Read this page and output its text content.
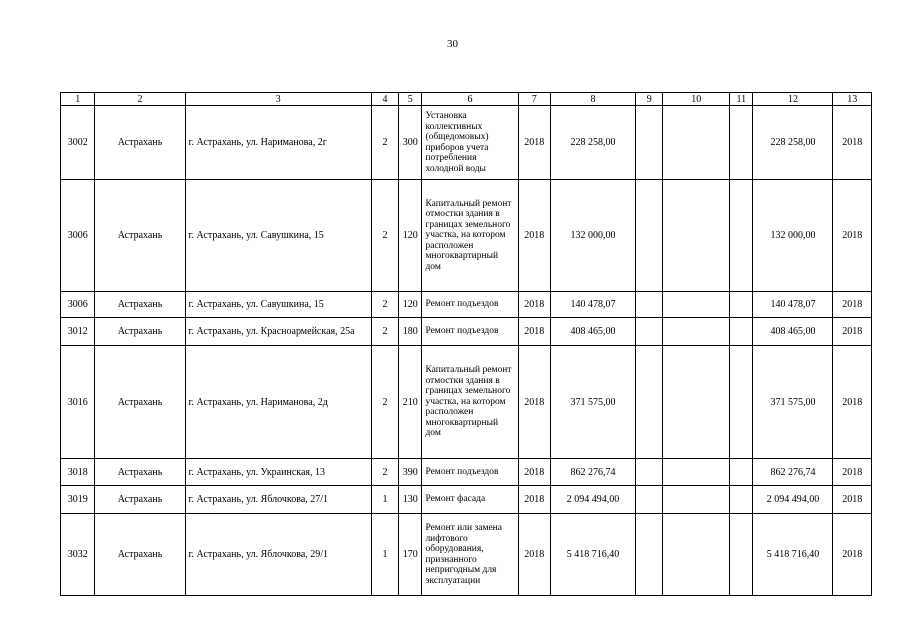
30
1	2	3	4	5	6	7	8	9	10	11	12	13
3002	Астрахань	г. Астрахань, ул. Нариманова, 2г	2	300	Установка коллективных (общедомовых) приборов учета потребления холодной воды	2018	228 258,00				228 258,00	2018
3006	Астрахань	г. Астрахань, ул. Савушкина, 15	2	120	Капитальный ремонт отмостки здания в границах земельного участка, на котором расположен многоквартирный дом	2018	132 000,00				132 000,00	2018
3006	Астрахань	г. Астрахань, ул. Савушкина, 15	2	120	Ремонт подъездов	2018	140 478,07				140 478,07	2018
3012	Астрахань	г. Астрахань, ул. Красноармейская, 25а	2	180	Ремонт подъездов	2018	408 465,00				408 465,00	2018
3016	Астрахань	г. Астрахань, ул. Нариманова, 2д	2	210	Капитальный ремонт отмостки здания в границах земельного участка, на котором расположен многоквартирный дом	2018	371 575,00				371 575,00	2018
3018	Астрахань	г. Астрахань, ул. Украинская, 13	2	390	Ремонт подъездов	2018	862 276,74				862 276,74	2018
3019	Астрахань	г. Астрахань, ул. Яблочкова, 27/1	1	130	Ремонт фасада	2018	2 094 494,00				2 094 494,00	2018
3032	Астрахань	г. Астрахань, ул. Яблочкова, 29/1	1	170	Ремонт или замена лифтового оборудования, признанного непригодным для эксплуатации	2018	5 418 716,40				5 418 716,40	2018
